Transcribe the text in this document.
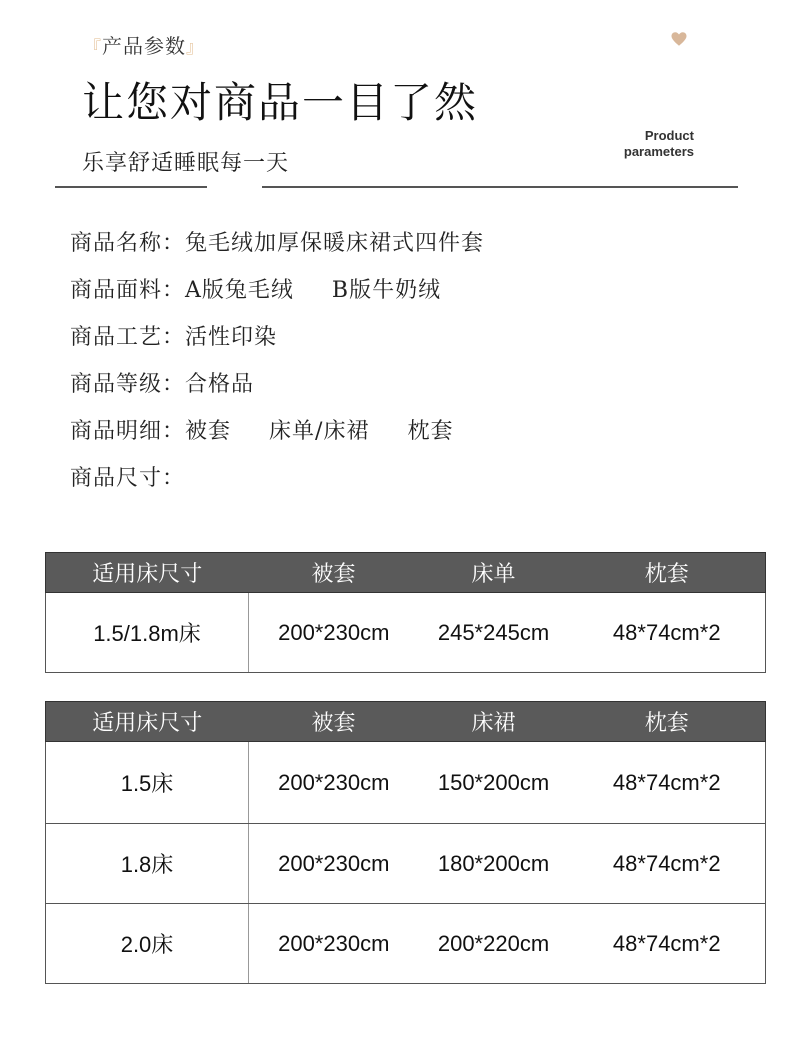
『产品参数』
让您对商品一目了然
Product
parameters
乐享舒适睡眠每一天
商品名称： 兔毛绒加厚保暖床裙式四件套
商品面料： A版兔毛绒 B版牛奶绒
商品工艺： 活性印染
商品等级： 合格品
商品明细： 被套 床单/床裙 枕套
商品尺寸：
适用床尺寸	被套	床单	枕套
1.5/1.8m床	200*230cm	245*245cm	48*74cm*2
适用床尺寸	被套	床裙	枕套
1.5床	200*230cm	150*200cm	48*74cm*2
1.8床	200*230cm	180*200cm	48*74cm*2
2.0床	200*230cm	200*220cm	48*74cm*2
